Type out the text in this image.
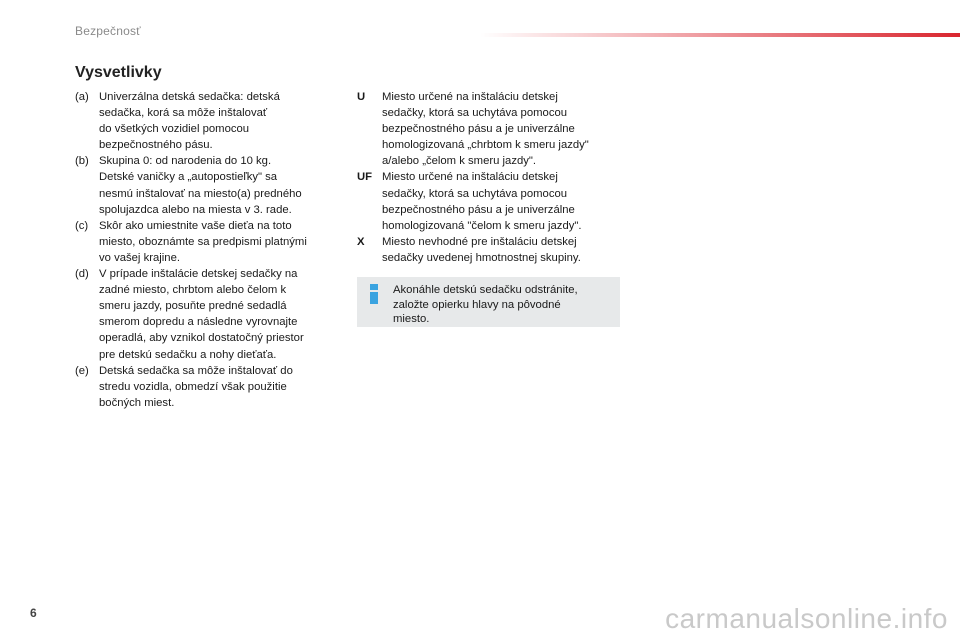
Bezpečnosť
Vysvetlivky
(a) Univerzálna detská sedačka: detská
sedačka, korá sa môže inštalovať
do všetkých vozidiel pomocou
bezpečnostného pásu.
(b) Skupina 0: od narodenia do 10 kg.
Detské vaničky a „autopostieľky" sa
nesmú inštalovať na miesto(a) predného
spolujazdca alebo na miesta v 3. rade.
(c) Skôr ako umiestnite vaše dieťa na toto
miesto, oboznámte sa predpismi platnými
vo vašej krajine.
(d) V prípade inštalácie detskej sedačky na
zadné miesto, chrbtom alebo čelom k
smeru jazdy, posuňte predné sedadlá
smerom dopredu a následne vyrovnajte
operadlá, aby vznikol dostatočný priestor
pre detskú sedačku a nohy dieťaťa.
(e) Detská sedačka sa môže inštalovať do
stredu vozidla, obmedzí však použitie
bočných miest.
U	Miesto určené na inštaláciu detskej
sedačky, ktorá sa uchytáva pomocou
bezpečnostného pásu a je univerzálne
homologizovaná „chrbtom k smeru jazdy"
a/alebo „čelom k smeru jazdy".
UF Miesto určené na inštaláciu detskej
sedačky, ktorá sa uchytáva pomocou
bezpečnostného pásu a je univerzálne
homologizovaná "čelom k smeru jazdy".
X	Miesto nevhodné pre inštaláciu detskej
sedačky uvedenej hmotnostnej skupiny.
Akonáhle detskú sedačku odstránite,
založte opierku hlavy na pôvodné
miesto.
6	carmanualsonline.info
